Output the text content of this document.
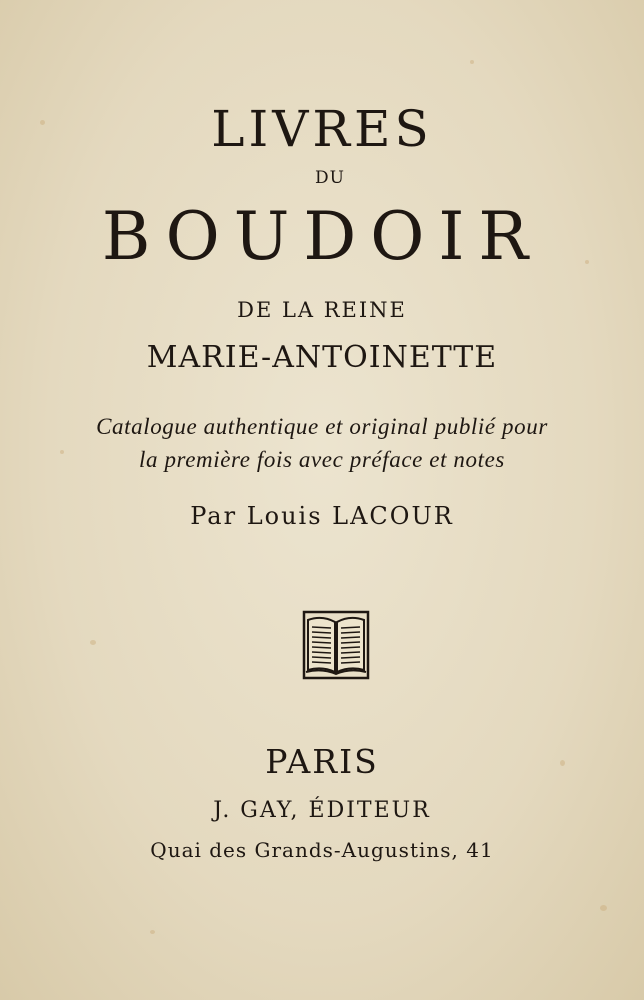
LIVRES
DU
BOUDOIR
DE LA REINE
MARIE-ANTOINETTE
Catalogue authentique et original publié pour
la première fois avec préface et notes
Par Louis LACOUR
PARIS
J. GAY, ÉDITEUR
Quai des Grands-Augustins, 41
